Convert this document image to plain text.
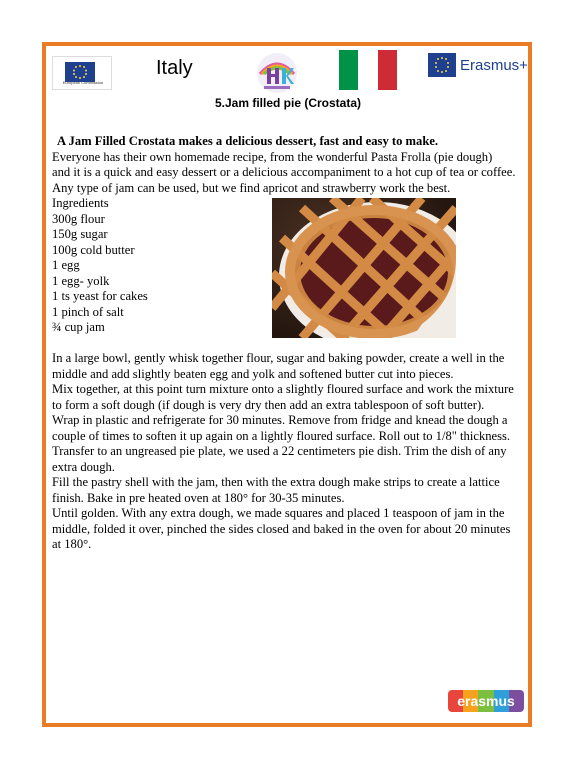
European Commission
Italy	Erasmus+
5.Jam filled pie (Crostata)

A Jam Filled Crostata makes a delicious dessert, fast and easy to make.

Everyone has their own homemade recipe, from the wonderful Pasta Frolla (pie dough)

and it is a quick and easy dessert or a delicious accompaniment to a hot cup of tea or coffee.

Any type of jam can be used, but we find apricot and strawberry work the best.

Ingredients

300g flour

150g sugar

100g cold butter

1 egg

1 egg- yolk

1 ts yeast for cakes

1 pinch of salt

¾ cup jam

In a large bowl, gently whisk together flour, sugar and baking powder, create a well in the

middle and add slightly beaten egg and yolk and softened butter cut into pieces.

Mix together, at this point turn mixture onto a slightly floured surface and work the mixture

to form a soft dough (if dough is very dry then add an extra tablespoon of soft butter).

Wrap in plastic and refrigerate for 30 minutes. Remove from fridge and knead the dough a

couple of times to soften it up again on a lightly floured surface. Roll out to 1/8" thickness.

Transfer to an ungreased pie plate, we used a 22 centimeters pie dish. Trim the dish of any

extra dough.

Fill the pastry shell with the jam, then with the extra dough make strips to create a lattice

finish. Bake in pre heated oven at 180° for 30-35 minutes.

Until golden. With any extra dough, we made squares and placed 1 teaspoon of jam in the

middle, folded it over, pinched the sides closed and baked in the oven for about 20 minutes

at 180°.

erasmus
